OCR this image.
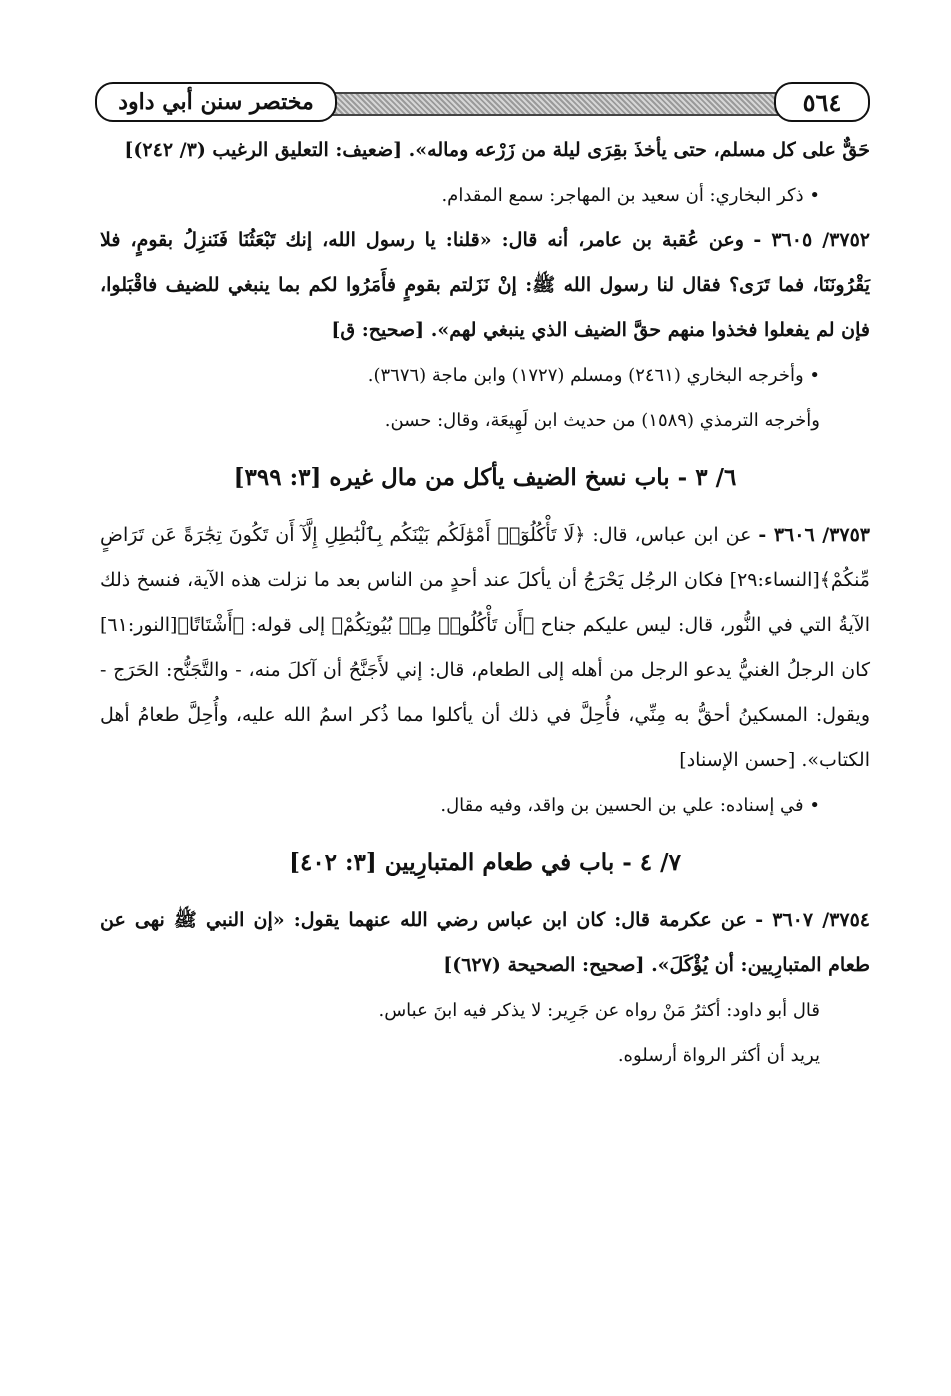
مختصر سنن أبي داود	٥٦٤

حَقٌّ على كل مسلم، حتى يأخذَ بقِرَى ليلة من زَرْعه وماله». [ضعيف: التعليق الرغيب (٣/ ٢٤٢)]

• ذكر البخاري: أن سعيد بن المهاجر: سمع المقدام.

٣٧٥٢/ ٣٦٠٥ - وعن عُقبة بن عامر، أنه قال: «قلنا: يا رسول الله، إنك تَبْعَثُنَا فَنَنزِلُ بقومٍ، فلا يَقْرُونَنَا، فما تَرَى؟ فقال لنا رسول الله ﷺ: إنْ نَزَلتم بقومٍ فأَمَرُوا لكم بما ينبغي للضيف فاقْبَلوا، فإن لم يفعلوا فخذوا منهم حقَّ الضيف الذي ينبغي لهم». [صحيح: ق]

• وأخرجه البخاري (٢٤٦١) ومسلم (١٧٢٧) وابن ماجة (٣٦٧٦).

وأخرجه الترمذي (١٥٨٩) من حديث ابن لَهِيعَة، وقال: حسن.

٦/ ٣ - باب نسخ الضيف يأكل من مال غيره [٣: ٣٩٩]

٣٧٥٣/ ٣٦٠٦ - عن ابن عباس، قال: ﴿لَا تَأْكُلُوٓا۟ أَمْوَٰلَكُم بَيْنَكُم بِٱلْبَٰطِلِ إِلَّآ أَن تَكُونَ تِجَٰرَةً عَن تَرَاضٍ مِّنكُمْ﴾[النساء:٢٩] فكان الرجُل يَحْرَجُ أن يأكلَ عند أحدٍ من الناس بعد ما نزلت هذه الآية، فنسخ ذلك الآيةُ التي في النُّور، قال: ليس عليكم جناح ﴿أَن تَأْكُلُوا۟ مِنۢ بُيُوتِكُمْ﴾ إلى قوله: ﴿أَشْتَاتًا﴾[النور:٦١] كان الرجلُ الغنيُّ يدعو الرجل من أهله إلى الطعام، قال: إني لأَجَنَّحُ أن آكلَ منه، - والتَّجَنُّح: الحَرَج - ويقول: المسكينُ أحقُّ به مِنِّي، فأُحِلَّ في ذلك أن يأكلوا مما ذُكر اسمُ الله عليه، وأُحِلَّ طعامُ أهل الكتاب». [حسن الإسناد]

• في إسناده: علي بن الحسين بن واقد، وفيه مقال.

٧/ ٤ - باب في طعام المتبارِيين [٣: ٤٠٢]

٣٧٥٤/ ٣٦٠٧ - عن عكرمة قال: كان ابن عباس رضي الله عنهما يقول: «إن النبي ﷺ نهى عن طعام المتبارِيين: أن يُؤْكَلَ». [صحيح: الصحيحة (٦٢٧)]

قال أبو داود: أكثرُ مَنْ رواه عن جَرِير: لا يذكر فيه ابنَ عباس.

يريد أن أكثر الرواة أرسلوه.
